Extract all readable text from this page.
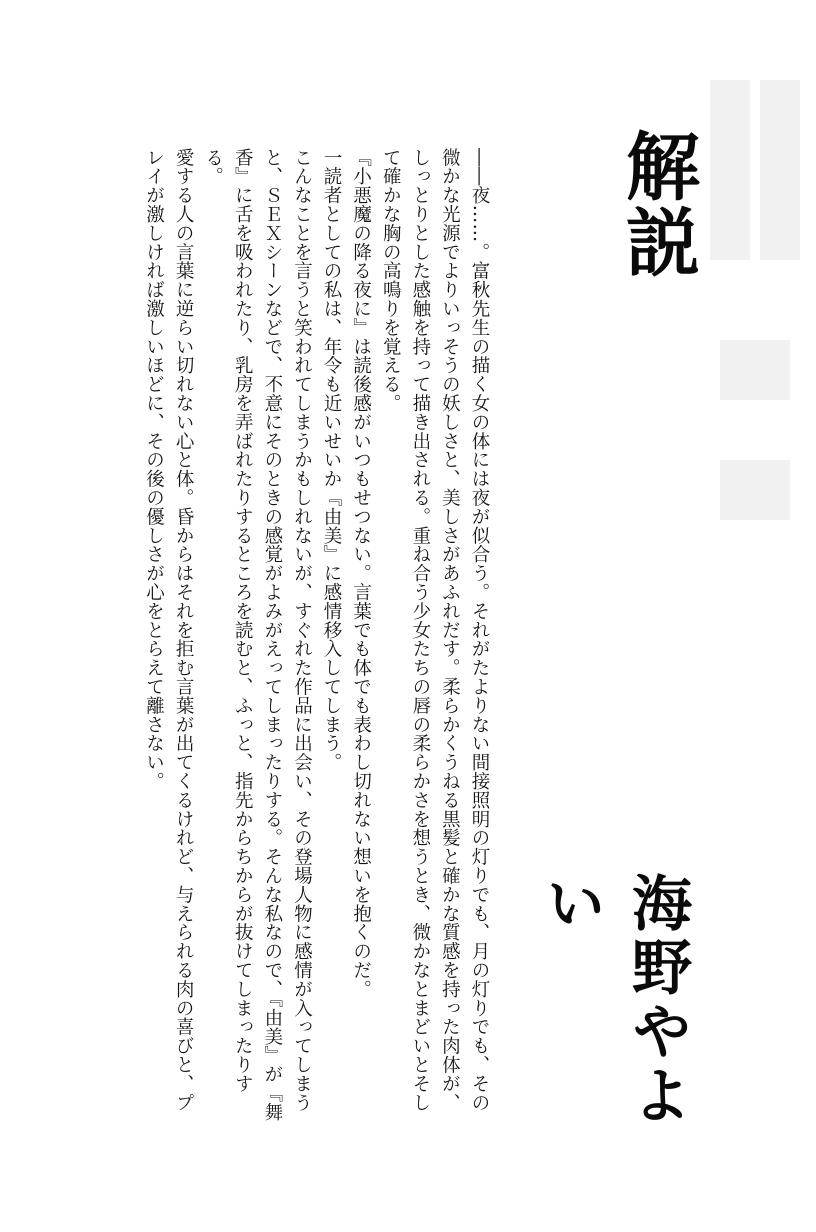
解説

――夜……。富秋先生の描く女の体には夜が似合う。それがたよりない間接照明の灯りでも、月の灯りでも、その微かな光源でよりいっそうの妖しさと、美しさがあふれだす。柔らかくうねる黒髪と確かな質感を持った肉体が、しっとりとした感触を持って描き出される。重ね合う少女たちの唇の柔らかさを想うとき、微かなとまどいとそして確かな胸の高鳴りを覚える。

『小悪魔の降る夜に』は読後感がいつもせつない。言葉でも体でも表わし切れない想いを抱くのだ。

一読者としての私は、年令も近いせいか『由美』に感情移入してしまう。

こんなことを言うと笑われてしまうかもしれないが、すぐれた作品に出会い、その登場人物に感情が入ってしまうと、ＳＥＸシーンなどで、不意にそのときの感覚がよみがえってしまったりする。そんな私なので、『由美』が『舞香』に舌を吸われたり、乳房を弄ばれたりするところを読むと、ふっと、指先からちからが抜けてしまったりする。

愛する人の言葉に逆らい切れない心と体。昏からはそれを拒む言葉が出てくるけれど、与えられる肉の喜びと、プレイが激しければ激しいほどに、その後の優しさが心をとらえて離さない。

海野やよい
